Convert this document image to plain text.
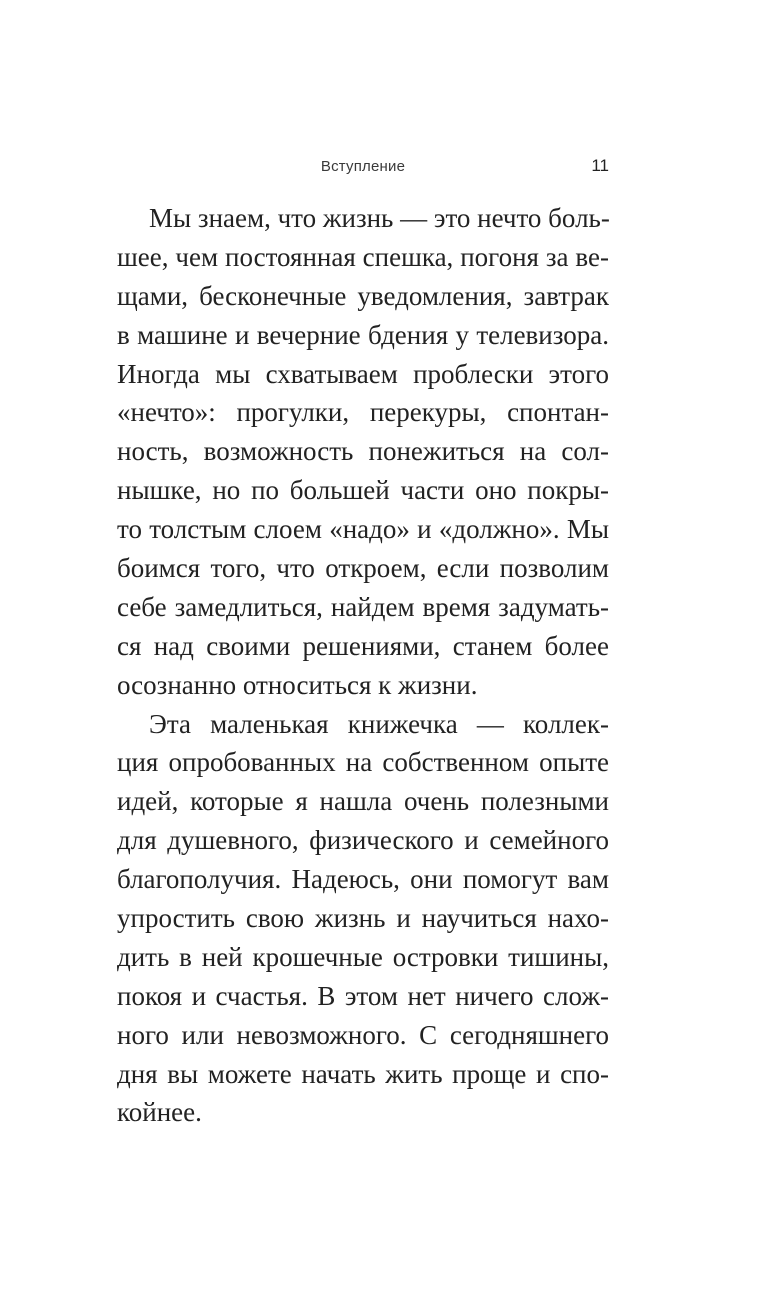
Вступление	11

Мы знаем, что жизнь — это нечто боль-
шее, чем постоянная спешка, погоня за ве-
щами, бесконечные уведомления, завтрак
в машине и вечерние бдения у телевизора.
Иногда мы схватываем проблески этого
«нечто»: прогулки, перекуры, спонтан-
ность, возможность понежиться на сол-
нышке, но по большей части оно покры-
то толстым слоем «надо» и «должно». Мы
боимся того, что откроем, если позволим
себе замедлиться, найдем время задумать-
ся над своими решениями, станем более
осознанно относиться к жизни.

Эта маленькая книжечка — коллек-
ция опробованных на собственном опыте
идей, которые я нашла очень полезными
для душевного, физического и семейного
благополучия. Надеюсь, они помогут вам
упростить свою жизнь и научиться нахо-
дить в ней крошечные островки тишины,
покоя и счастья. В этом нет ничего слож-
ного или невозможного. С сегодняшнего
дня вы можете начать жить проще и спо-
койнее.
